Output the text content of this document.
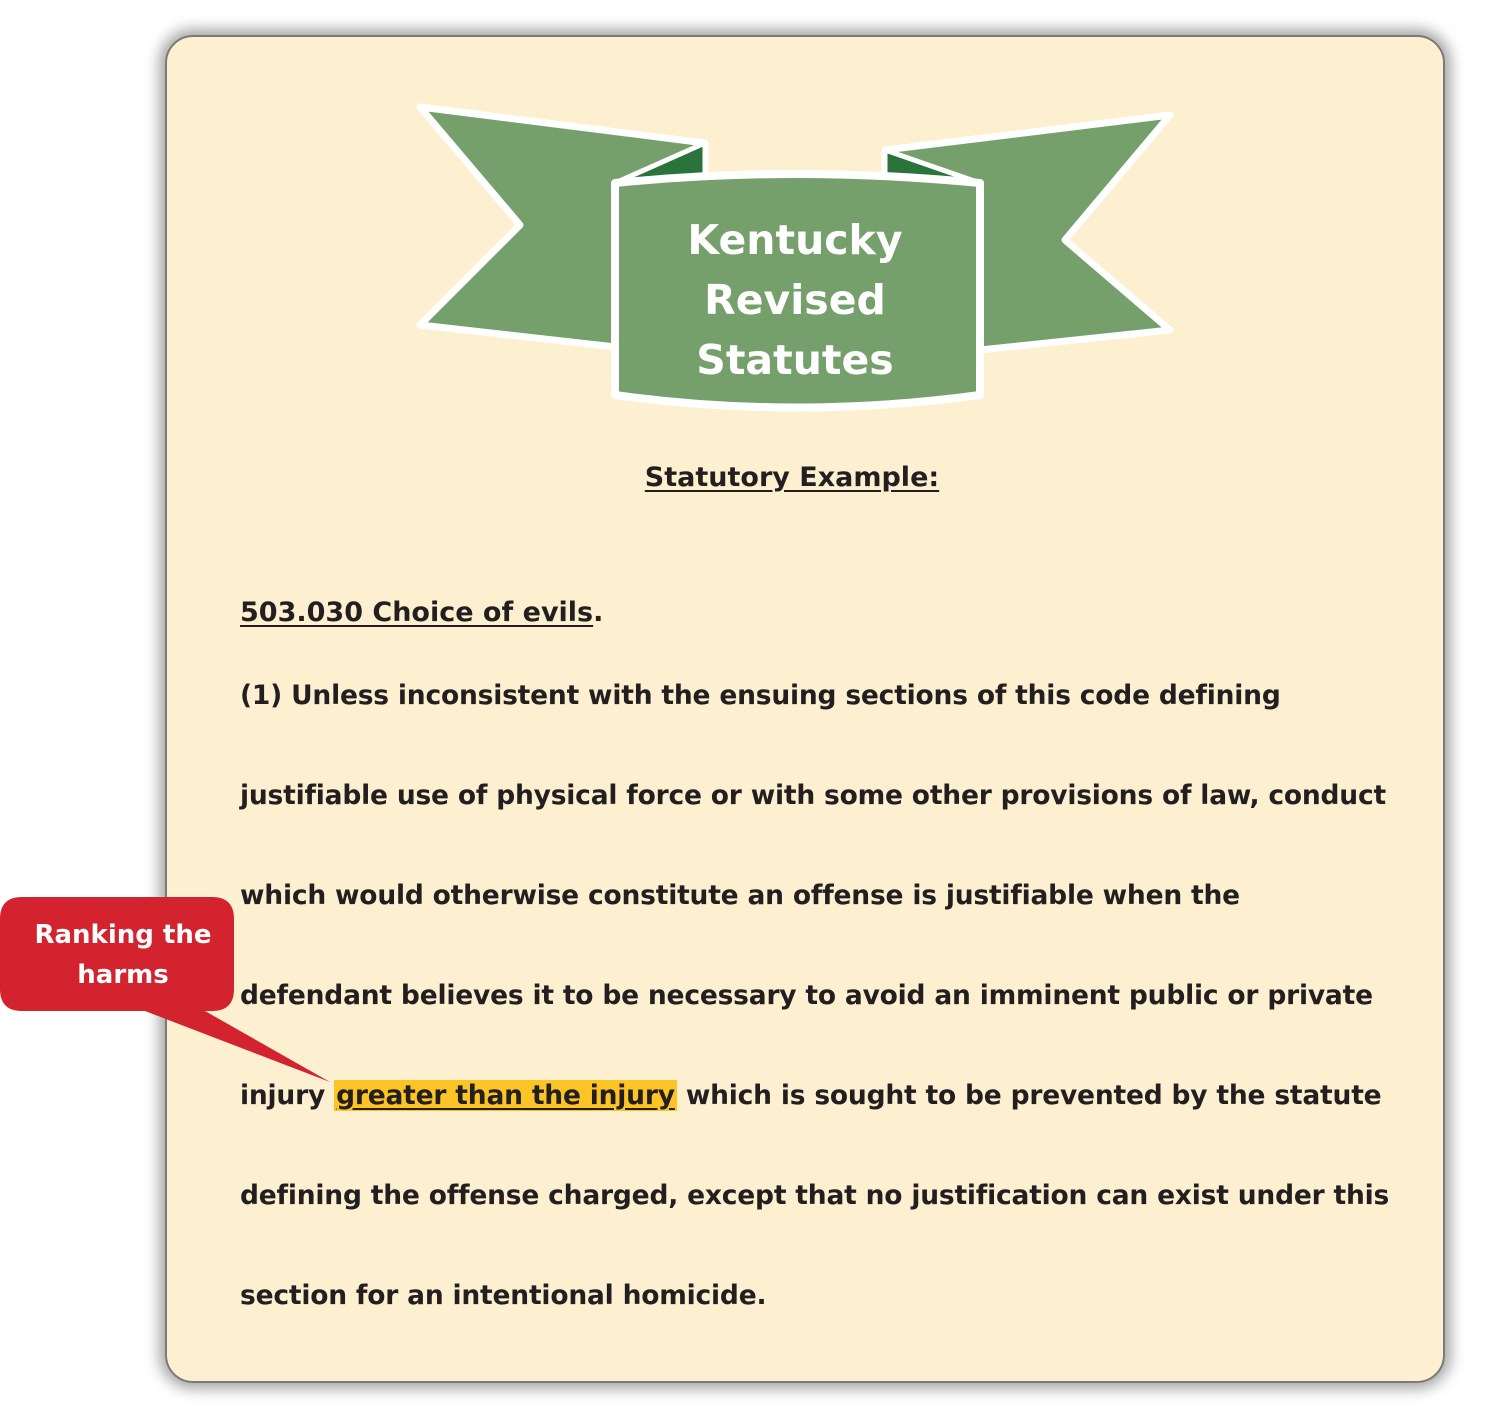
Kentucky
Revised
Statutes

Statutory Example:

503.030 Choice of evils.

(1) Unless inconsistent with the ensuing sections of this code defining

justifiable use of physical force or with some other provisions of law, conduct

which would otherwise constitute an offense is justifiable when the

defendant believes it to be necessary to avoid an imminent public or private

injury greater than the injury which is sought to be prevented by the statute

defining the offense charged, except that no justification can exist under this

section for an intentional homicide.

Ranking the
harms
